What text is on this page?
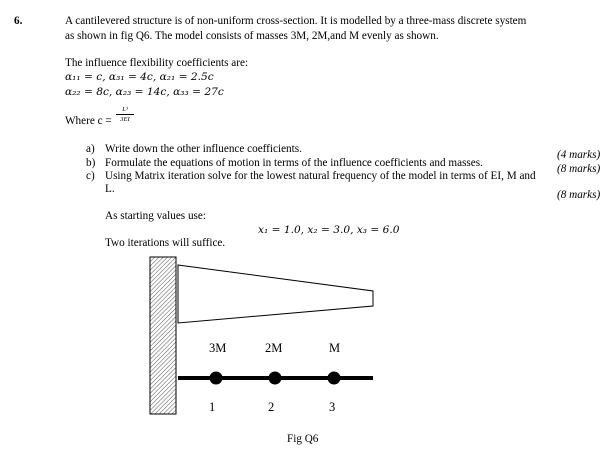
6.	A cantilevered structure is of non-uniform cross-section. It is modelled by a three-mass discrete system
as shown in fig Q6. The model consists of masses 3M, 2M,and M evenly as shown.
The influence flexibility coefficients are:
α₁₁ = c, α₃₁ = 4c, α₂₁ = 2.5c
α₂₂ = 8c, α₂₃ = 14c, α₃₃ = 27c
Where c =
L³
3EI
a) Write down the other influence coefficients.	(4 marks)
b) Formulate the equations of motion in terms of the influence coefficients and masses.	(8 marks)
c) Using Matrix iteration solve for the lowest natural frequency of the model in terms of EI, M and
L.	(8 marks)
As starting values use:
x₁ = 1.0, x₂ = 3.0, x₃ = 6.0
Two iterations will suffice.
3M	2M	M
1	2	3
Fig Q6
